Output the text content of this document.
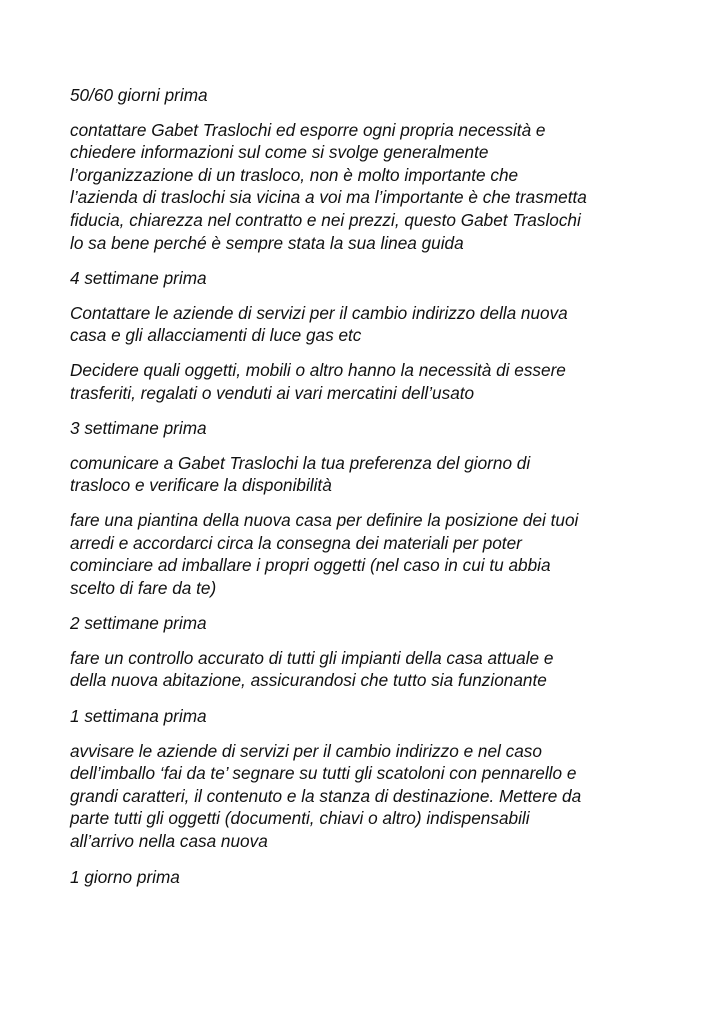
50/60 giorni prima
contattare Gabet Traslochi ed esporre ogni propria necessità e
chiedere informazioni sul come si svolge generalmente
l’organizzazione di un trasloco, non è molto importante che
l’azienda di traslochi sia vicina a voi ma l’importante è che trasmetta
fiducia, chiarezza nel contratto e nei prezzi, questo Gabet Traslochi
lo sa bene perché è sempre stata la sua linea guida
4 settimane prima
Contattare le aziende di servizi per il cambio indirizzo della nuova
casa e gli allacciamenti di luce gas etc
Decidere quali oggetti, mobili o altro hanno la necessità di essere
trasferiti, regalati o venduti ai vari mercatini dell’usato
3 settimane prima
comunicare a Gabet Traslochi la tua preferenza del giorno di
trasloco e verificare la disponibilità
fare una piantina della nuova casa per definire la posizione dei tuoi
arredi e accordarci circa la consegna dei materiali per poter
cominciare ad imballare i propri oggetti (nel caso in cui tu abbia
scelto di fare da te)
2 settimane prima
fare un controllo accurato di tutti gli impianti della casa attuale e
della nuova abitazione, assicurandosi che tutto sia funzionante
1 settimana prima
avvisare le aziende di servizi per il cambio indirizzo e nel caso
dell’imballo ‘fai da te’ segnare su tutti gli scatoloni con pennarello e
grandi caratteri, il contenuto e la stanza di destinazione. Mettere da
parte tutti gli oggetti (documenti, chiavi o altro) indispensabili
all’arrivo nella casa nuova
1 giorno prima
